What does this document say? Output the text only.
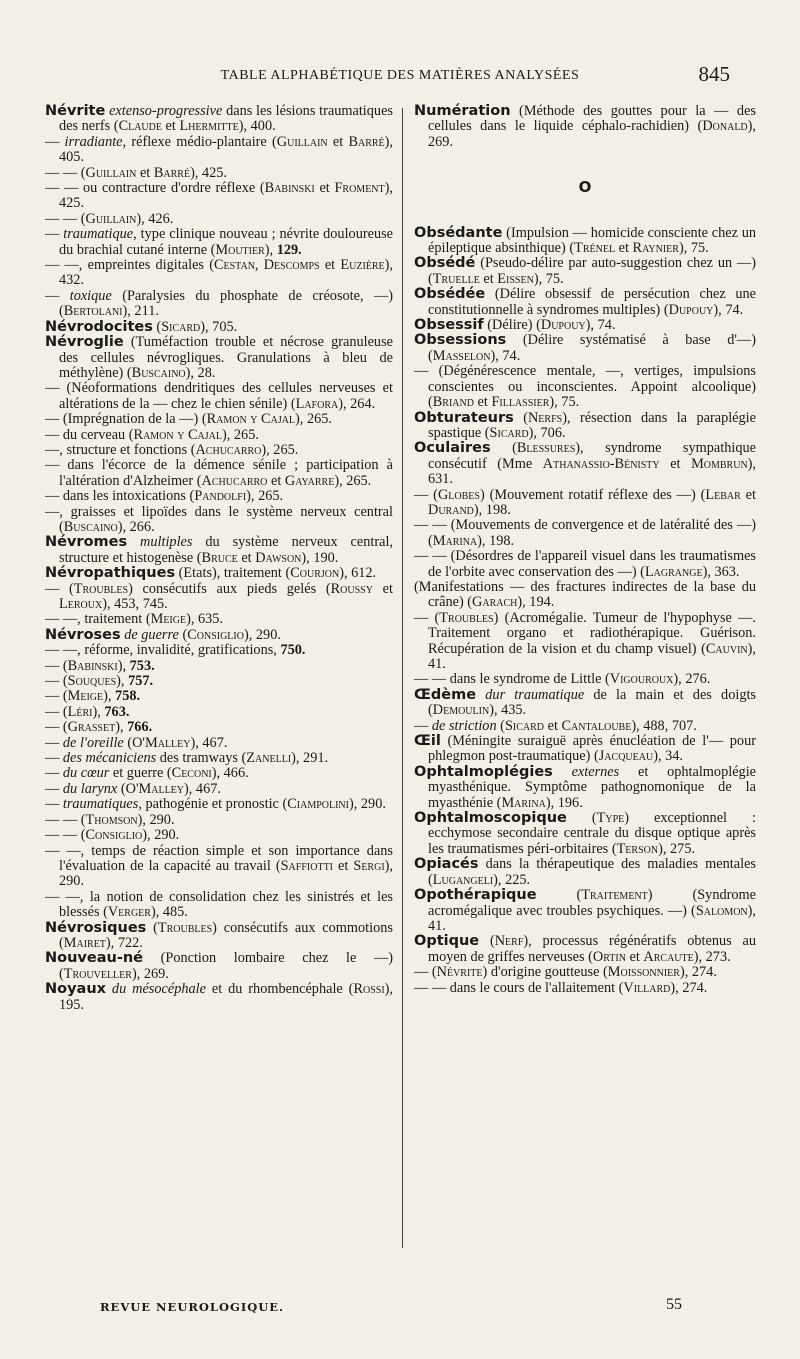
TABLE ALPHABÉTIQUE DES MATIÈRES ANALYSÉES	845

Névrite extenso-progressive dans les lésions traumatiques des nerfs (Claude et Lhermitte), 400.

— irradiante, réflexe médio-plantaire (Guillain et Barré), 405.

— — (Guillain et Barré), 425.

— — ou contracture d'ordre réflexe (Babinski et Froment), 425.

— — (Guillain), 426.

— traumatique, type clinique nouveau ; névrite douloureuse du brachial cutané interne (Moutier), 129.

— —, empreintes digitales (Cestan, Descomps et Euzière), 432.

— toxique (Paralysies du phosphate de créosote, —) (Bertolani), 211.

Névrodocites (Sicard), 705.

Névroglie (Tuméfaction trouble et nécrose granuleuse des cellules névrogliques. Granulations à bleu de méthylène) (Buscaino), 28.

— (Néoformations dendritiques des cellules nerveuses et altérations de la — chez le chien sénile) (Lafora), 264.

— (Imprégnation de la —) (Ramon y Cajal), 265.

— du cerveau (Ramon y Cajal), 265.

—, structure et fonctions (Achucarro), 265.

— dans l'écorce de la démence sénile ; participation à l'altération d'Alzheimer (Achucarro et Gayarre), 265.

— dans les intoxications (Pandolfi), 265.

—, graisses et lipoïdes dans le système nerveux central (Buscaino), 266.

Névromes multiples du système nerveux central, structure et histogenèse (Bruce et Dawson), 190.

Névropathiques (Etats), traitement (Courjon), 612.

— (Troubles) consécutifs aux pieds gelés (Roussy et Leroux), 453, 745.

— —, traitement (Meige), 635.

Névroses de guerre (Consiglio), 290.

— —, réforme, invalidité, gratifications, 750.

— (Babinski), 753.

— (Souques), 757.

— (Meige), 758.

— (Léri), 763.

— (Grasset), 766.

— de l'oreille (O'Malley), 467.

— des mécaniciens des tramways (Zanelli), 291.

— du cœur et guerre (Ceconi), 466.

— du larynx (O'Malley), 467.

— traumatiques, pathogénie et pronostic (Ciampolini), 290.

— — (Thomson), 290.

— — (Consiglio), 290.

— —, temps de réaction simple et son importance dans l'évaluation de la capacité au travail (Saffiotti et Sergi), 290.

— —, la notion de consolidation chez les sinistrés et les blessés (Verger), 485.

Névrosiques (Troubles) consécutifs aux commotions (Mairet), 722.

Nouveau-né (Ponction lombaire chez le —) (Trouveller), 269.

Noyaux du mésocéphale et du rhombencéphale (Rossi), 195.

Numération (Méthode des gouttes pour la — des cellules dans le liquide céphalo-rachidien) (Donald), 269.

O

Obsédante (Impulsion — homicide consciente chez un épileptique absinthique) (Trénel et Raynier), 75.

Obsédé (Pseudo-délire par auto-suggestion chez un —) (Truelle et Eissen), 75.

Obsédée (Délire obsessif de persécution chez une constitutionnelle à syndromes multiples) (Dupouy), 74.

Obsessif (Délire) (Dupouy), 74.

Obsessions (Délire systématisé à base d'—) (Masselon), 74.

— (Dégénérescence mentale, —, vertiges, impulsions conscientes ou inconscientes. Appoint alcoolique) (Briand et Fillassier), 75.

Obturateurs (Nerfs), résection dans la paraplégie spastique (Sicard), 706.

Oculaires (Blessures), syndrome sympathique consécutif (Mme Athanassio-Bénisty et Mombrun), 631.

— (Globes) (Mouvement rotatif réflexe des —) (Lebar et Durand), 198.

— — (Mouvements de convergence et de latéralité des —) (Marina), 198.

— — (Désordres de l'appareil visuel dans les traumatismes de l'orbite avec conservation des —) (Lagrange), 363.

(Manifestations — des fractures indirectes de la base du crâne) (Garach), 194.

— (Troubles) (Acromégalie. Tumeur de l'hypophyse —. Traitement organo et radiothérapique. Guérison. Récupération de la vision et du champ visuel) (Cauvin), 41.

— — dans le syndrome de Little (Vigouroux), 276.

Œdème dur traumatique de la main et des doigts (Demoulin), 435.

— de striction (Sicard et Cantaloube), 488, 707.

Œil (Méningite suraiguë après énucléation de l'— pour phlegmon post-traumatique) (Jacqueau), 34.

Ophtalmoplégies externes et ophtalmoplégie myasthénique. Symptôme pathognomonique de la myasthénie (Marina), 196.

Ophtalmoscopique (Type) exceptionnel : ecchymose secondaire centrale du disque optique après les traumatismes péri-orbitaires (Terson), 275.

Opiacés dans la thérapeutique des maladies mentales (Lugangeli), 225.

Opothérapique (Traitement) (Syndrome acromégalique avec troubles psychiques. —) (Salomon), 41.

Optique (Nerf), processus régénératifs obtenus au moyen de griffes nerveuses (Ortin et Arcaute), 273.

— (Névrite) d'origine goutteuse (Moissonnier), 274.

— — dans le cours de l'allaitement (Villard), 274.

REVUE NEUROLOGIQUE.	55
